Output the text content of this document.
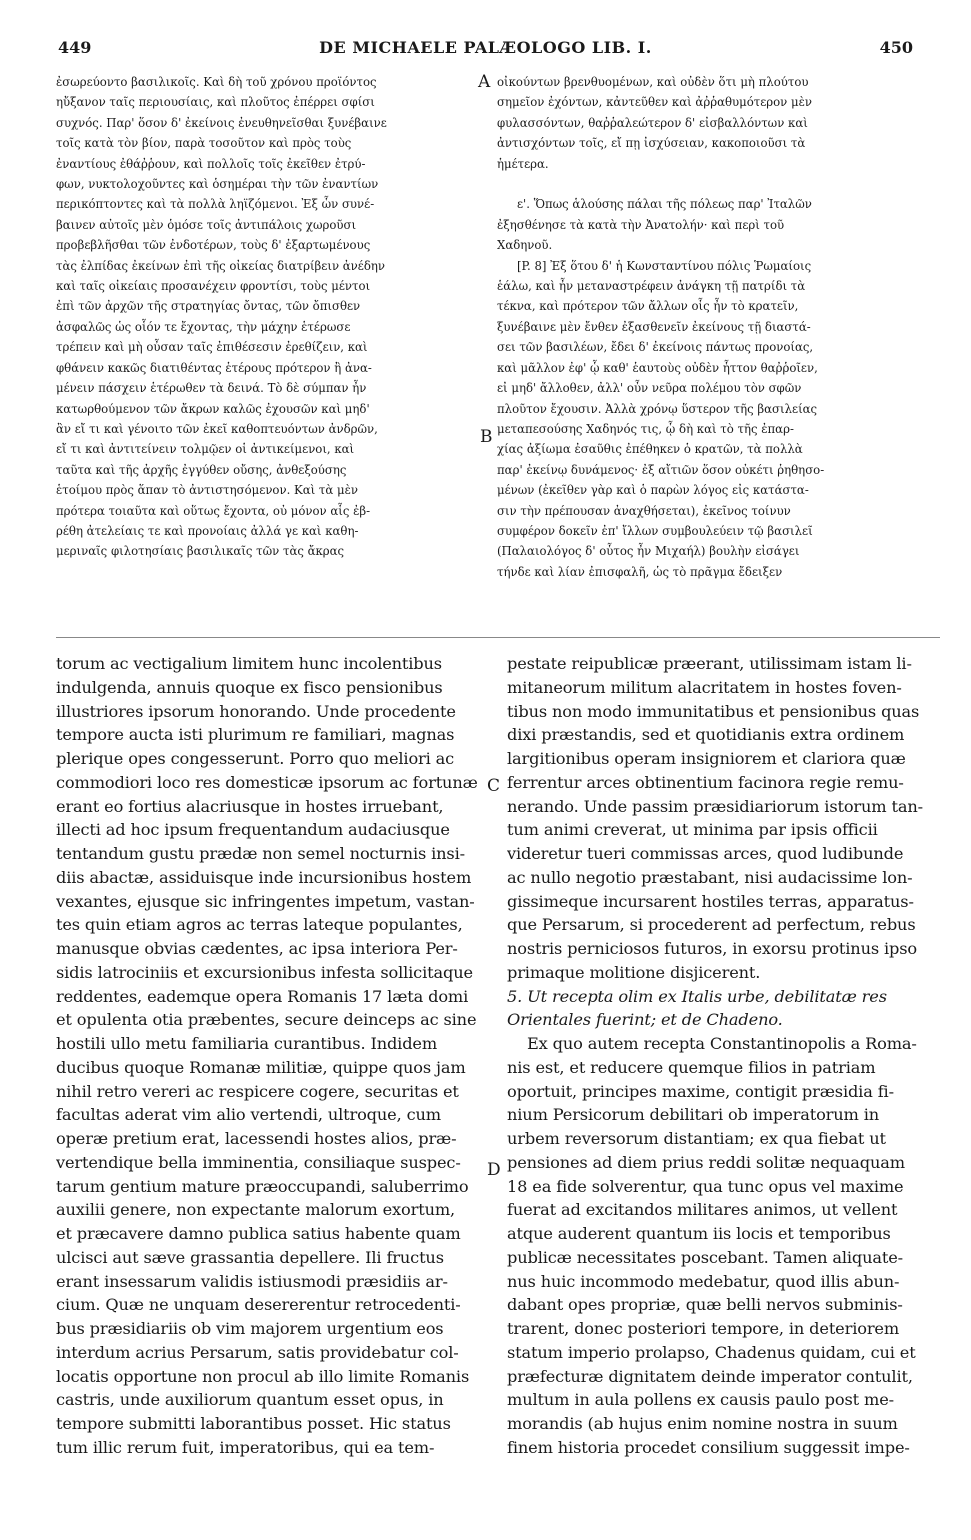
DE MICHAELE PALÆOLOGO LIB. I.
449	450
ἐσωρεύοντο βασιλικοῖς. Καὶ δὴ τοῦ χρόνου προϊόντος
ηὔξανον ταῖς περιουσίαις, καὶ πλοῦτος ἐπέρρει σφίσι
συχνός. Παρ' ὅσον δ' ἐκείνοις ἐνευθηνεῖσθαι ξυνέβαινε
τοῖς κατὰ τὸν βίον, παρὰ τοσοῦτον καὶ πρὸς τοὺς
ἐναντίους ἐθάῤῥουν, καὶ πολλοῖς τοῖς ἐκεῖθεν ἐτρύ-
φων, νυκτολοχοῦντες καὶ ὁσημέραι τὴν τῶν ἐναντίων
περικόπτοντες καὶ τὰ πολλὰ ληϊζόμενοι. Ἐξ ὧν συνέ-
βαινεν αὐτοῖς μὲν ὁμόσε τοῖς ἀντιπάλοις χωροῦσι
προβεβλῆσθαι τῶν ἐνδοτέρων, τοὺς δ' ἐξαρτωμένους
τὰς ἐλπίδας ἐκείνων ἐπὶ τῆς οἰκείας διατρίβειν ἀνέδην
καὶ ταῖς οἰκείαις προσανέχειν φροντίσι, τοὺς μέντοι
ἐπὶ τῶν ἀρχῶν τῆς στρατηγίας ὄντας, τῶν ὄπισθεν
ἀσφαλῶς ὡς οἷόν τε ἔχοντας, τὴν μάχην ἑτέρωσε
τρέπειν καὶ μὴ οὖσαν ταῖς ἐπιθέσεσιν ἐρεθίζειν, καὶ
φθάνειν κακῶς διατιθέντας ἑτέρους πρότερον ἢ ἀνα-
μένειν πάσχειν ἑτέρωθεν τὰ δεινά. Τὸ δὲ σύμπαν ἦν
κατωρθούμενον τῶν ἄκρων καλῶς ἐχουσῶν καὶ μηδ'
ἂν εἴ τι καὶ γένοιτο τῶν ἐκεῖ καθοπτευόντων ἀνδρῶν,
εἴ τι καὶ ἀντιτείνειν τολμῷεν οἱ ἀντικείμενοι, καὶ
ταῦτα καὶ τῆς ἀρχῆς ἐγγύθεν οὔσης, ἀνθεξούσης
ἑτοίμου πρὸς ἅπαν τὸ ἀντιστησόμενον. Καὶ τὰ μὲν
πρότερα τοιαῦτα καὶ οὕτως ἔχοντα, οὐ μόνον αἷς ἐβ-
ρέθη ἀτελείαις τε καὶ προνοίαις ἀλλά γε καὶ καθη-
μεριναῖς φιλοτησίαις βασιλικαῖς τῶν τὰς ἄκρας
οἰκούντων βρενθυομένων, καὶ οὐδὲν ὅτι μὴ πλούτου
σημεῖον ἐχόντων, κἀντεῦθεν καὶ ἀῤῥαθυμότερον μὲν
φυλασσόντων, θαῤῥαλεώτερον δ' εἰσβαλλόντων καὶ
ἀντισχόντων τοῖς, εἴ πῃ ἰσχύσειαν, κακοποιοῦσι τὰ
ἡμέτερα.

ε'. Ὅπως ἁλούσης πάλαι τῆς πόλεως παρ' Ἰταλῶν
ἐξησθένησε τὰ κατὰ τὴν Ἀνατολήν· καὶ περὶ τοῦ
Χαδηνοῦ.
[P. 8] Ἐξ ὅτου δ' ἡ Κωνσταντίνου πόλις Ῥωμαίοις
ἑάλω, καὶ ἦν μεταναστρέφειν ἀνάγκη τῇ πατρίδι τὰ
τέκνα, καὶ πρότερον τῶν ἄλλων οἷς ἦν τὸ κρατεῖν,
ξυνέβαινε μὲν ἔνθεν ἐξασθενεῖν ἐκείνους τῇ διαστά-
σει τῶν βασιλέων, ἔδει δ' ἐκείνοις πάντως προνοίας,
καὶ μᾶλλον ἐφ' ᾧ καθ' ἑαυτοὺς οὐδὲν ἧττον θαῤῥοῖεν,
εἰ μηδ' ἄλλοθεν, ἀλλ' οὖν νεῦρα πολέμου τὸν σφῶν
πλοῦτον ἔχουσιν. Ἀλλὰ χρόνῳ ὕστερον τῆς βασιλείας
μεταπεσούσης Χαδηνός τις, ᾧ δὴ καὶ τὸ τῆς ἐπαρ-
χίας ἀξίωμα ἐσαῦθις ἐπέθηκεν ὁ κρατῶν, τὰ πολλὰ
παρ' ἐκείνῳ δυνάμενος· ἐξ αἴτιῶν ὅσον οὐκέτι ῥηθησο-
μένων (ἐκεῖθεν γὰρ καὶ ὁ παρὼν λόγος εἰς κατάστα-
σιν τὴν πρέπουσαν ἀναχθήσεται), ἐκεῖνος τοίνυν
συμφέρον δοκεῖν ἐπ' ἴλλων συμβουλεύειν τῷ βασιλεῖ
(Παλαιολόγος δ' οὗτος ἦν Μιχαήλ) βουλὴν εἰσάγει
τήνδε καὶ λίαν ἐπισφαλῆ, ὡς τὸ πρᾶγμα ἔδειξεν
torum ac vectigalium limitem hunc incolentibus
indulgenda, annuis quoque ex fisco pensionibus
illustriores ipsorum honorando. Unde procedente
tempore aucta isti plurimum re familiari, magnas
plerique opes congesserunt. Porro quo meliori ac
commodiori loco res domesticæ ipsorum ac fortunæ
erant eo fortius alacriusque in hostes irruebant,
illecti ad hoc ipsum frequentandum audaciusque
tentandum gustu prædæ non semel nocturnis insi-
diis abactæ, assiduisque inde incursionibus hostem
vexantes, ejusque sic infringentes impetum, vastan-
tes quin etiam agros ac terras lateque populantes,
manusque obvias cædentes, ac ipsa interiora Per-
sidis latrociniis et excursionibus infesta sollicitaque
reddentes, eademque opera Romanis 17 læta domi
et opulenta otia præbentes, secure deinceps ac sine
hostili ullo metu familiaria curantibus. Indidem
ducibus quoque Romanæ militiæ, quippe quos jam
nihil retro vereri ac respicere cogere, securitas et
facultas aderat vim alio vertendi, ultroque, cum
operæ pretium erat, lacessendi hostes alios, præ-
vertendique bella imminentia, consiliaque suspec-
tarum gentium mature præoccupandi, saluberrimo
auxilii genere, non expectante malorum exortum,
et præcavere damno publica satius habente quam
ulcisci aut sæve grassantia depellere. Ili fructus
erant insessarum validis istiusmodi præsidiis ar-
cium. Quæ ne unquam desererentur retrocedenti-
bus præsidiariis ob vim majorem urgentium eos
interdum acrius Persarum, satis providebatur col-
locatis opportune non procul ab illo limite Romanis
castris, unde auxiliorum quantum esset opus, in
tempore submitti laborantibus posset. Hic status
tum illic rerum fuit, imperatoribus, qui ea tem-
pestate reipublicæ præerant, utilissimam istam li-
mitaneorum militum alacritatem in hostes foven-
tibus non modo immunitatibus et pensionibus quas
dixi præstandis, sed et quotidianis extra ordinem
largitionibus operam insigniorem et clariora quæ
ferrentur arces obtinentium facinora regie remu-
nerando. Unde passim præsidiariorum istorum tan-
tum animi creverat, ut minima par ipsis officii
videretur tueri commissas arces, quod ludibunde
ac nullo negotio præstabant, nisi audacissime lon-
gissimeque incursarent hostiles terras, apparatus-
que Persarum, si procederent ad perfectum, rebus
nostris perniciosos futuros, in exorsu protinus ipso
primaque molitione disjicerent.
5. Ut recepta olim ex Italis urbe, debilitatæ res
Orientales fuerint; et de Chadeno.
Ex quo autem recepta Constantinopolis a Roma-
nis est, et reducere quemque filios in patriam
oportuit, principes maxime, contigit præsidia fi-
nium Persicorum debilitari ob imperatorum in
urbem reversorum distantiam; ex qua fiebat ut
pensiones ad diem prius reddi solitæ nequaquam
18 ea fide solverentur, qua tunc opus vel maxime
fuerat ad excitandos militares animos, ut vellent
atque auderent quantum iis locis et temporibus
publicæ necessitates poscebant. Tamen aliquate-
nus huic incommodo medebatur, quod illis abun-
dabant opes propriæ, quæ belli nervos subminis-
trarent, donec posteriori tempore, in deteriorem
statum imperio prolapso, Chadenus quidam, cui et
præfecturæ dignitatem deinde imperator contulit,
multum in aula pollens ex causis paulo post me-
morandis (ab hujus enim nomine nostra in suum
finem historia procedet consilium suggessit impe-
A
B
C
D
